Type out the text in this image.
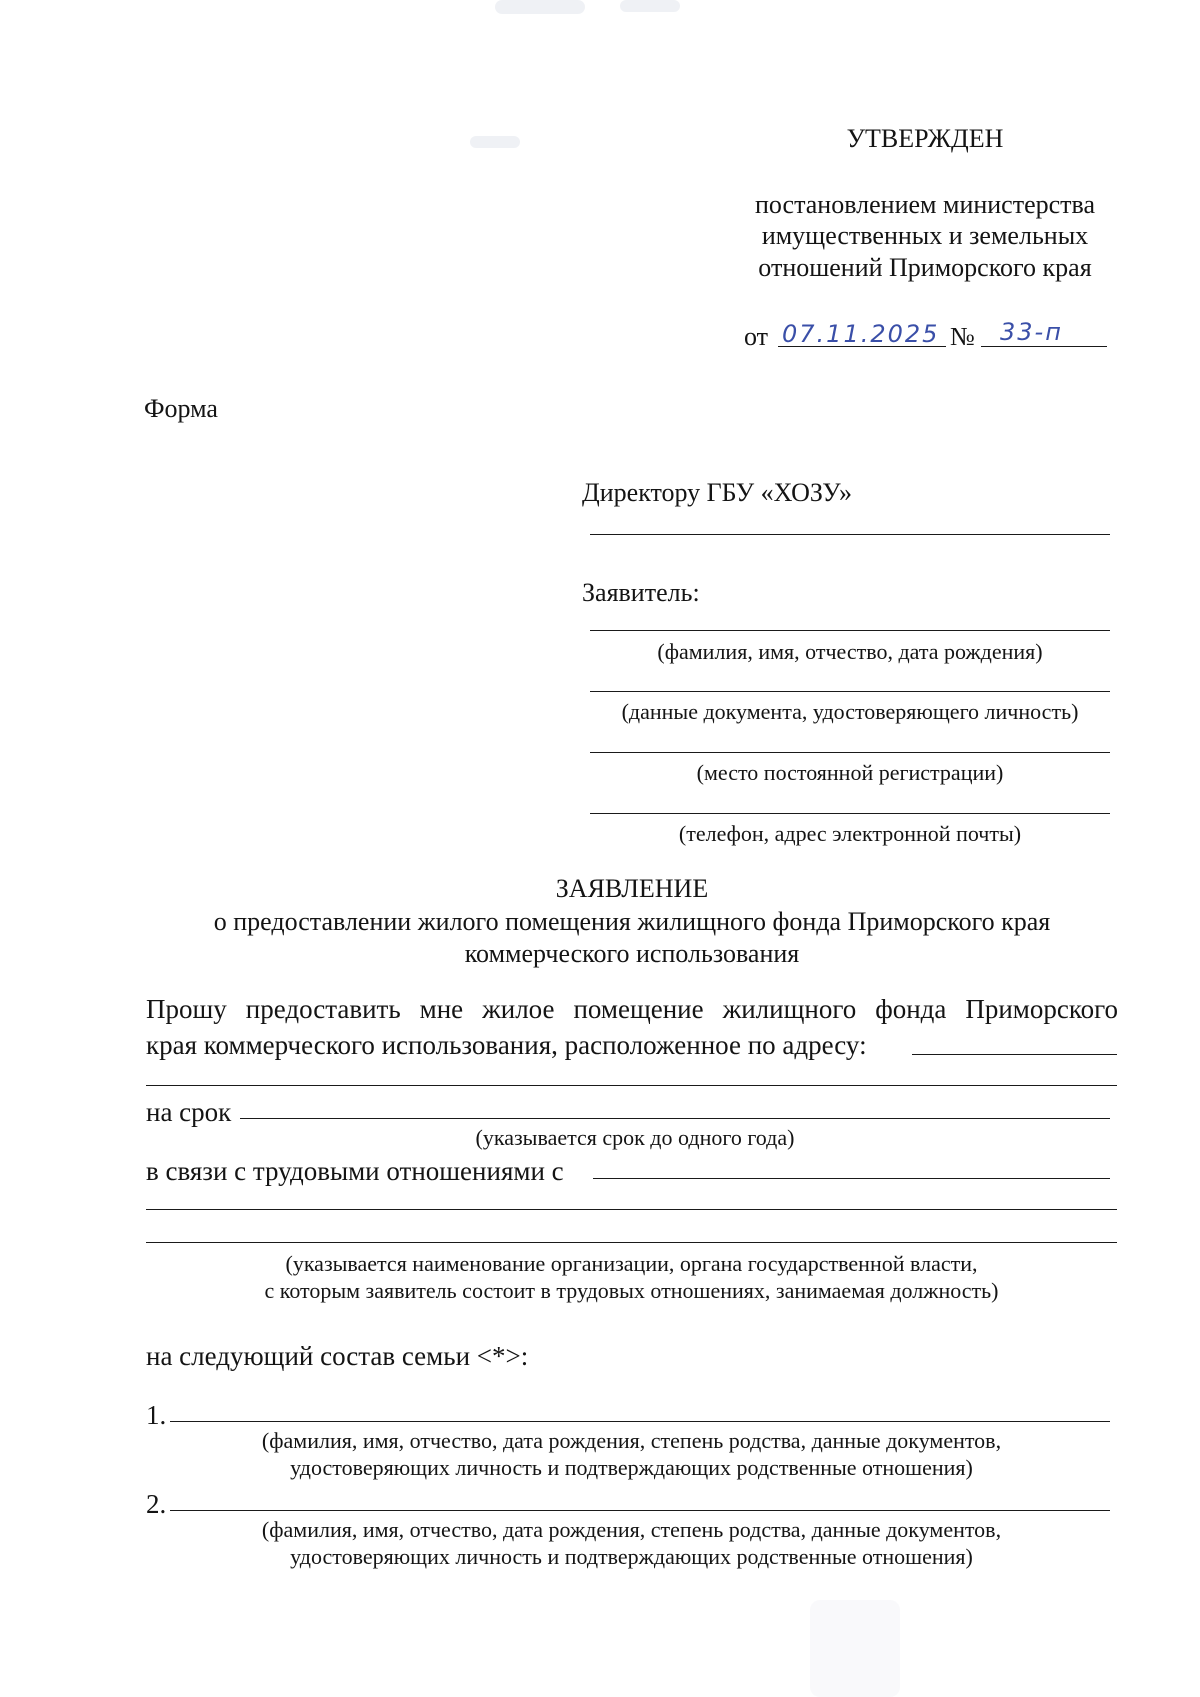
УТВЕРЖДЕН
постановлением министерства
имущественных и земельных
отношений Приморского края
от 07.11.2025 № 33-п
Форма
Директору ГБУ «ХОЗУ»
Заявитель:
(фамилия, имя, отчество, дата рождения)
(данные документа, удостоверяющего личность)
(место постоянной регистрации)
(телефон, адрес электронной почты)
ЗАЯВЛЕНИЕ
о предоставлении жилого помещения жилищного фонда Приморского края
коммерческого использования
Прошу предоставить мне жилое помещение жилищного фонда Приморского
края коммерческого использования, расположенное по адресу:
на срок
(указывается срок до одного года)
в связи с трудовыми отношениями с
(указывается наименование организации, органа государственной власти,
с которым заявитель состоит в трудовых отношениях, занимаемая должность)
на следующий состав семьи <*>:
1.
(фамилия, имя, отчество, дата рождения, степень родства, данные документов,
удостоверяющих личность и подтверждающих родственные отношения)
2.
(фамилия, имя, отчество, дата рождения, степень родства, данные документов,
удостоверяющих личность и подтверждающих родственные отношения)
